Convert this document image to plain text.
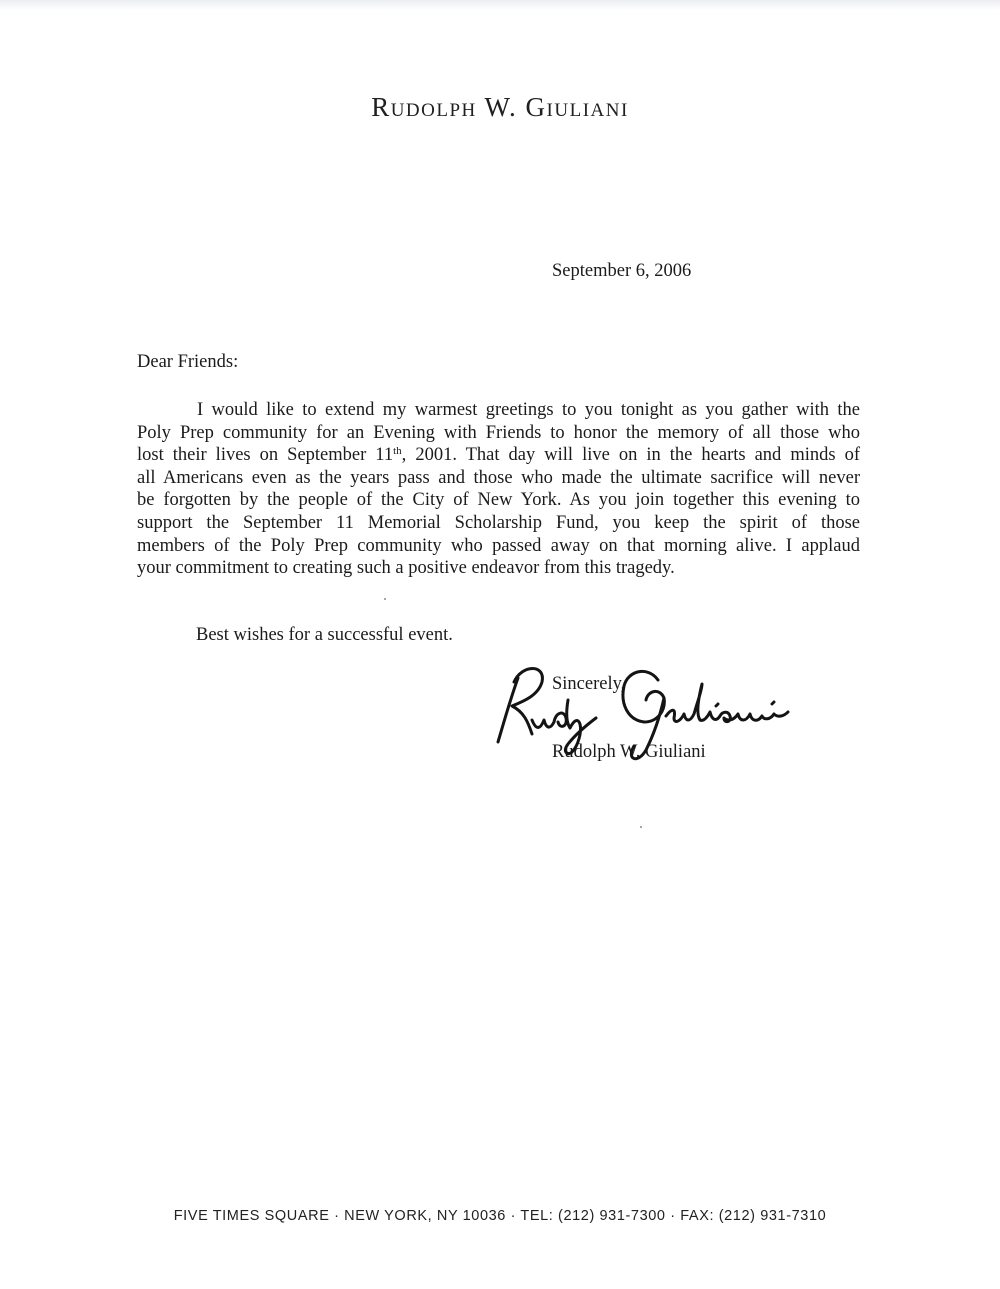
Rudolph W. Giuliani
September 6, 2006
Dear Friends:
I would like to extend my warmest greetings to you tonight as you gather with the
Poly Prep community for an Evening with Friends to honor the memory of all those who
lost their lives on September 11th, 2001. That day will live on in the hearts and minds of
all Americans even as the years pass and those who made the ultimate sacrifice will never
be forgotten by the people of the City of New York. As you join together this evening to
support the September 11 Memorial Scholarship Fund, you keep the spirit of those
members of the Poly Prep community who passed away on that morning alive. I applaud
your commitment to creating such a positive endeavor from this tragedy.
Best wishes for a successful event.
Sincerely,
Rudolph W. Giuliani
FIVE TIMES SQUARE · NEW YORK, NY 10036 · TEL: (212) 931-7300 · FAX: (212) 931-7310
